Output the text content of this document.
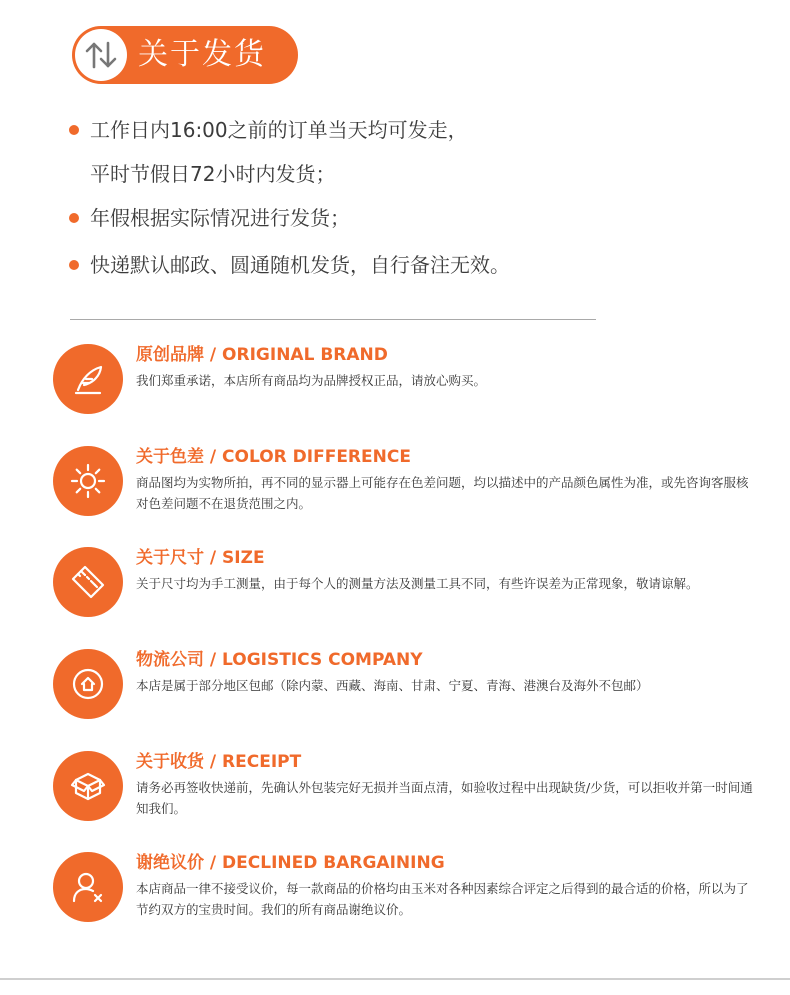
关于发货
工作日内16:00之前的订单当天均可发走，
平时节假日72小时内发货；
年假根据实际情况进行发货；
快递默认邮政、圆通随机发货，自行备注无效。
原创品牌 / ORIGINAL BRAND
我们郑重承诺，本店所有商品均为品牌授权正品，请放心购买。
关于色差 / COLOR DIFFERENCE
商品图均为实物所拍，再不同的显示器上可能存在色差问题，均以描述中的产品颜色属性为准，或先咨询客服核对色差问题不在退货范围之内。
关于尺寸 / SIZE
关于尺寸均为手工测量，由于每个人的测量方法及测量工具不同，有些许误差为正常现象，敬请谅解。
物流公司 / LOGISTICS COMPANY
本店是属于部分地区包邮（除内蒙、西藏、海南、甘肃、宁夏、青海、港澳台及海外不包邮）
关于收货 / RECEIPT
请务必再签收快递前，先确认外包装完好无损并当面点清，如验收过程中出现缺货/少货，可以拒收并第一时间通知我们。
谢绝议价 / DECLINED BARGAINING
本店商品一律不接受议价，每一款商品的价格均由玉米对各种因素综合评定之后得到的最合适的价格，所以为了节约双方的宝贵时间。我们的所有商品谢绝议价。
